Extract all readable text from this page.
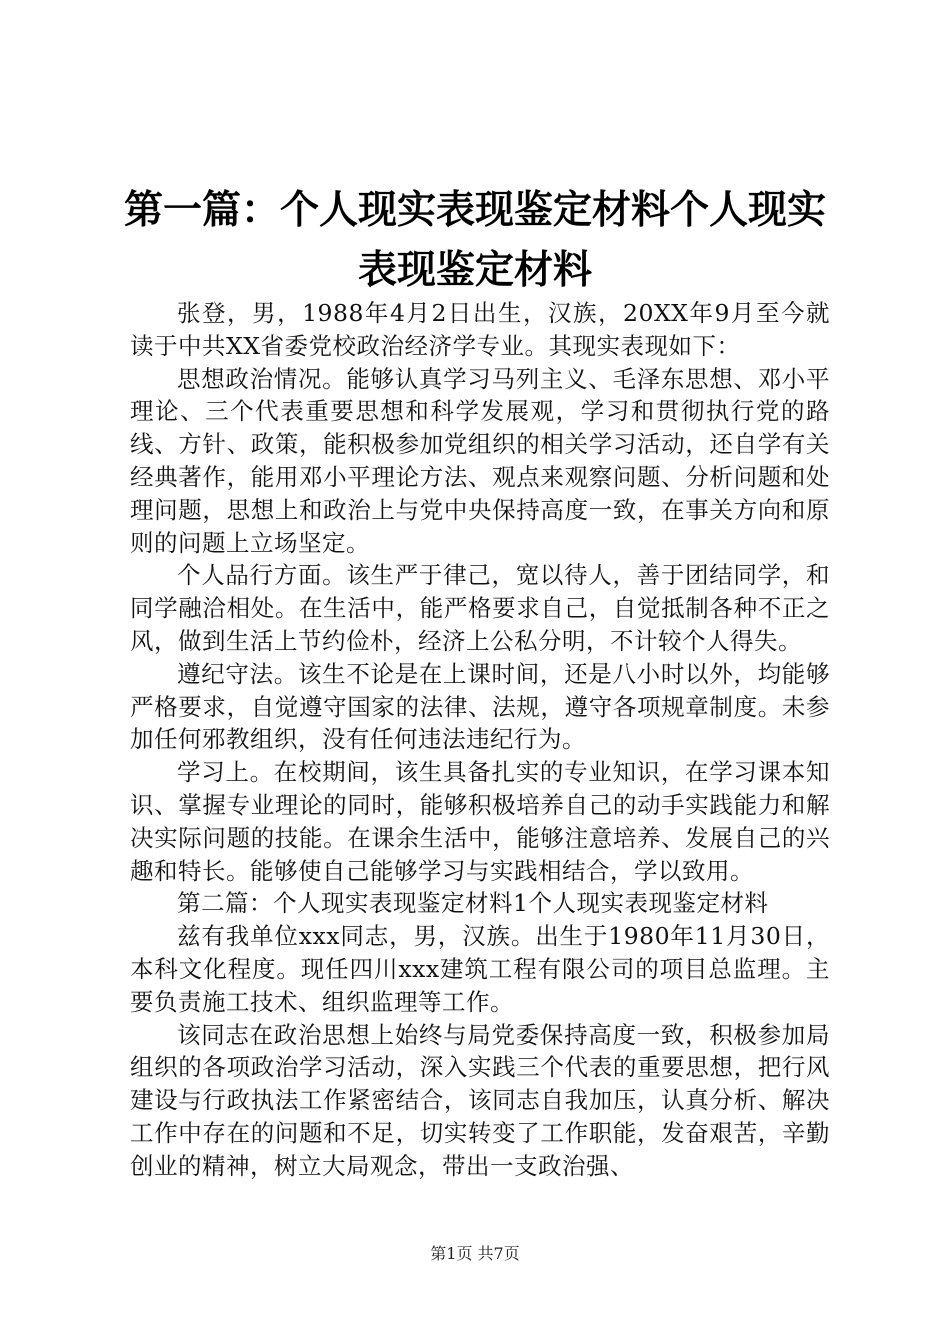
第一篇：个人现实表现鉴定材料个人现实表现鉴定材料

张登，男，1988年4月2日出生，汉族，20XX年9月至今就读于中共XX省委党校政治经济学专业。其现实表现如下：

思想政治情况。能够认真学习马列主义、毛泽东思想、邓小平理论、三个代表重要思想和科学发展观，学习和贯彻执行党的路线、方针、政策，能积极参加党组织的相关学习活动，还自学有关经典著作，能用邓小平理论方法、观点来观察问题、分析问题和处理问题，思想上和政治上与党中央保持高度一致，在事关方向和原则的问题上立场坚定。

个人品行方面。该生严于律己，宽以待人，善于团结同学，和同学融洽相处。在生活中，能严格要求自己，自觉抵制各种不正之风，做到生活上节约俭朴，经济上公私分明，不计较个人得失。

遵纪守法。该生不论是在上课时间，还是八小时以外，均能够严格要求，自觉遵守国家的法律、法规，遵守各项规章制度。未参加任何邪教组织，没有任何违法违纪行为。

学习上。在校期间，该生具备扎实的专业知识，在学习课本知识、掌握专业理论的同时，能够积极培养自己的动手实践能力和解决实际问题的技能。在课余生活中，能够注意培养、发展自己的兴趣和特长。能够使自己能够学习与实践相结合，学以致用。

第二篇：个人现实表现鉴定材料1个人现实表现鉴定材料

兹有我单位xxx同志，男，汉族。出生于1980年11月30日，本科文化程度。现任四川xxx建筑工程有限公司的项目总监理。主要负责施工技术、组织监理等工作。

该同志在政治思想上始终与局党委保持高度一致，积极参加局组织的各项政治学习活动，深入实践三个代表的重要思想，把行风建设与行政执法工作紧密结合，该同志自我加压，认真分析、解决工作中存在的问题和不足，切实转变了工作职能，发奋艰苦，辛勤创业的精神，树立大局观念，带出一支政治强、

第1页 共7页
